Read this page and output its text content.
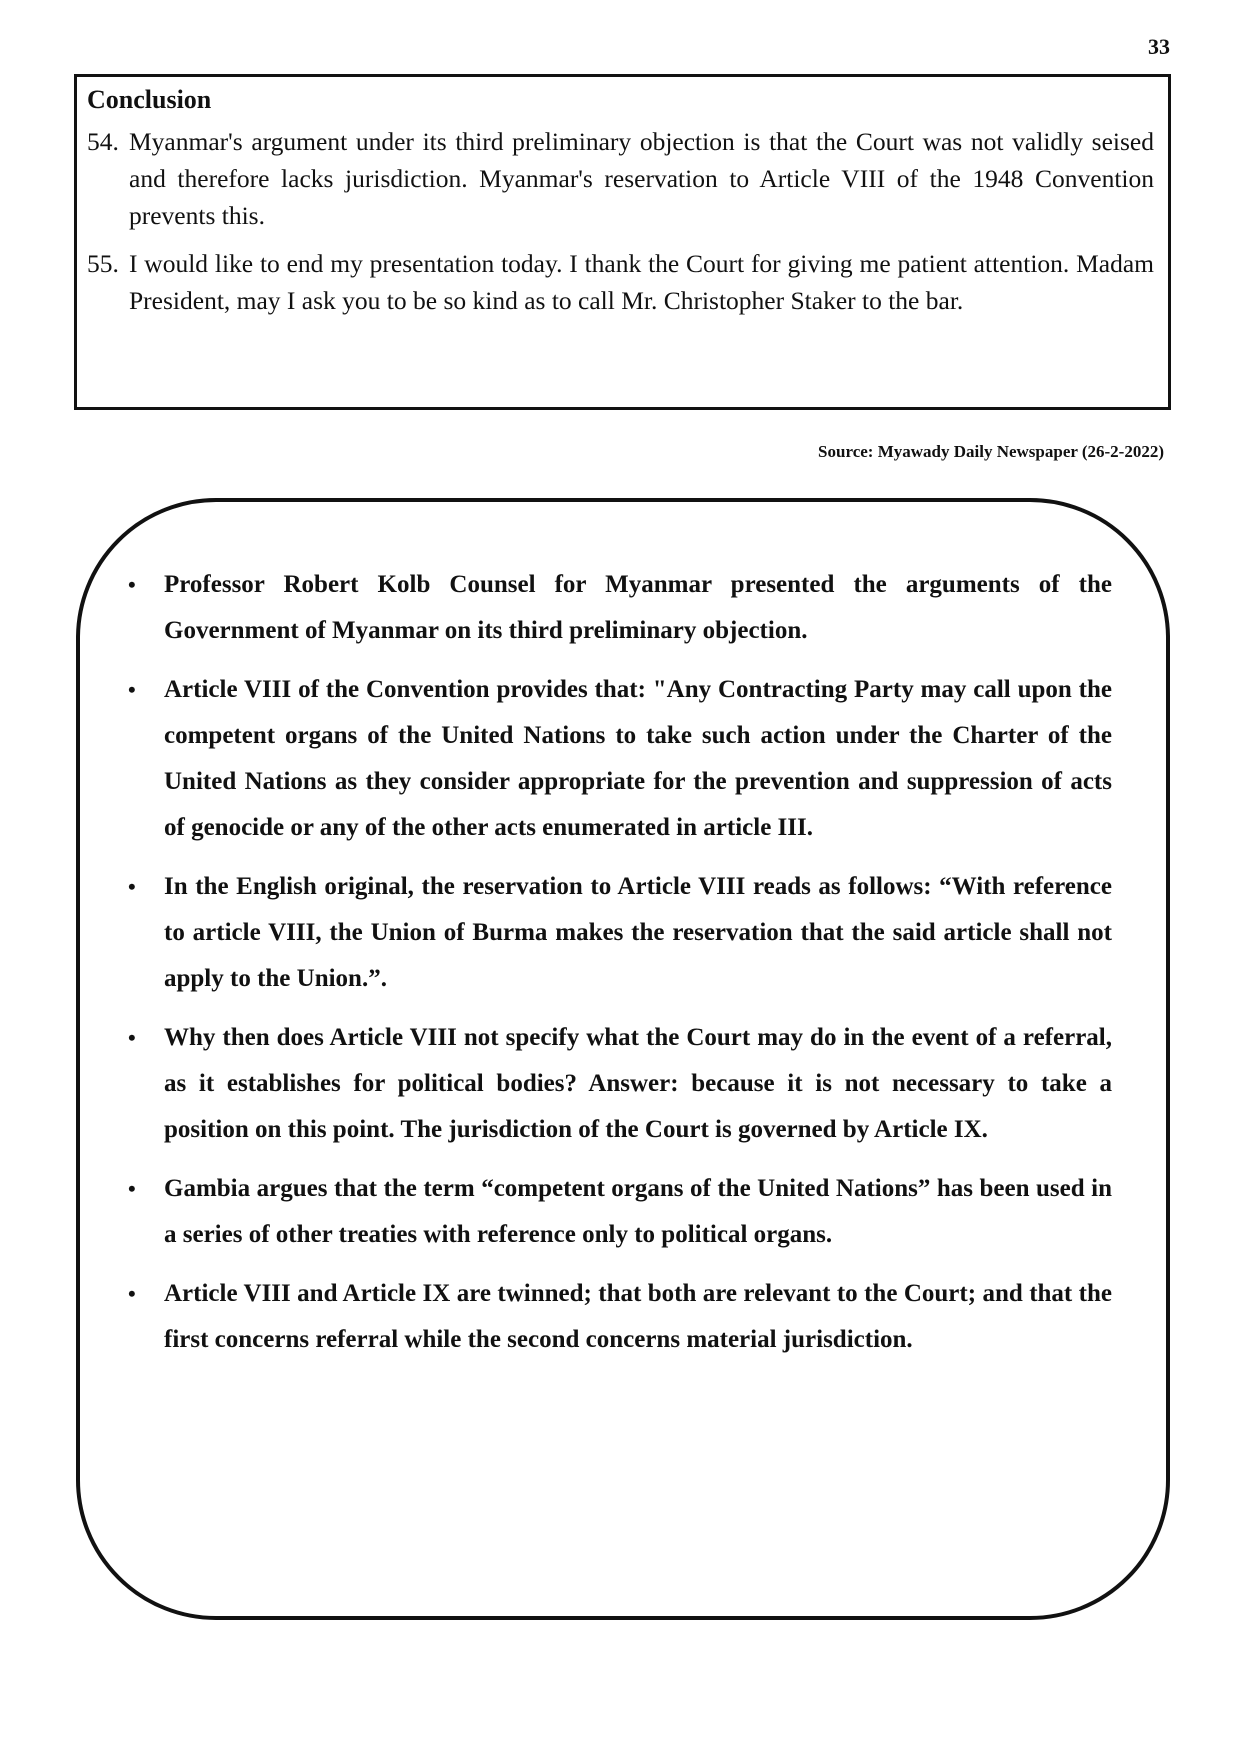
33
Conclusion
54. Myanmar's argument under its third preliminary objection is that the Court was not validly seised and therefore lacks jurisdiction. Myanmar's reservation to Article VIII of the 1948 Convention prevents this.
55. I would like to end my presentation today. I thank the Court for giving me patient attention. Madam President, may I ask you to be so kind as to call Mr. Christopher Staker to the bar.
Source: Myawady Daily Newspaper (26-2-2022)
•	Professor Robert Kolb Counsel for Myanmar presented the arguments of the Government of Myanmar on its third preliminary objection.
•	Article VIII of the Convention provides that: "Any Contracting Party may call upon the competent organs of the United Nations to take such action under the Charter of the United Nations as they consider appropriate for the prevention and suppression of acts of genocide or any of the other acts enumerated in article III.
•	In the English original, the reservation to Article VIII reads as follows: “With reference to article VIII, the Union of Burma makes the reservation that the said article shall not apply to the Union.”.
•	Why then does Article VIII not specify what the Court may do in the event of a referral, as it establishes for political bodies? Answer: because it is not necessary to take a position on this point. The jurisdiction of the Court is governed by Article IX.
•	Gambia argues that the term “competent organs of the United Nations” has been used in a series of other treaties with reference only to political organs.
•	Article VIII and Article IX are twinned; that both are relevant to the Court; and that the first concerns referral while the second concerns material jurisdiction.
